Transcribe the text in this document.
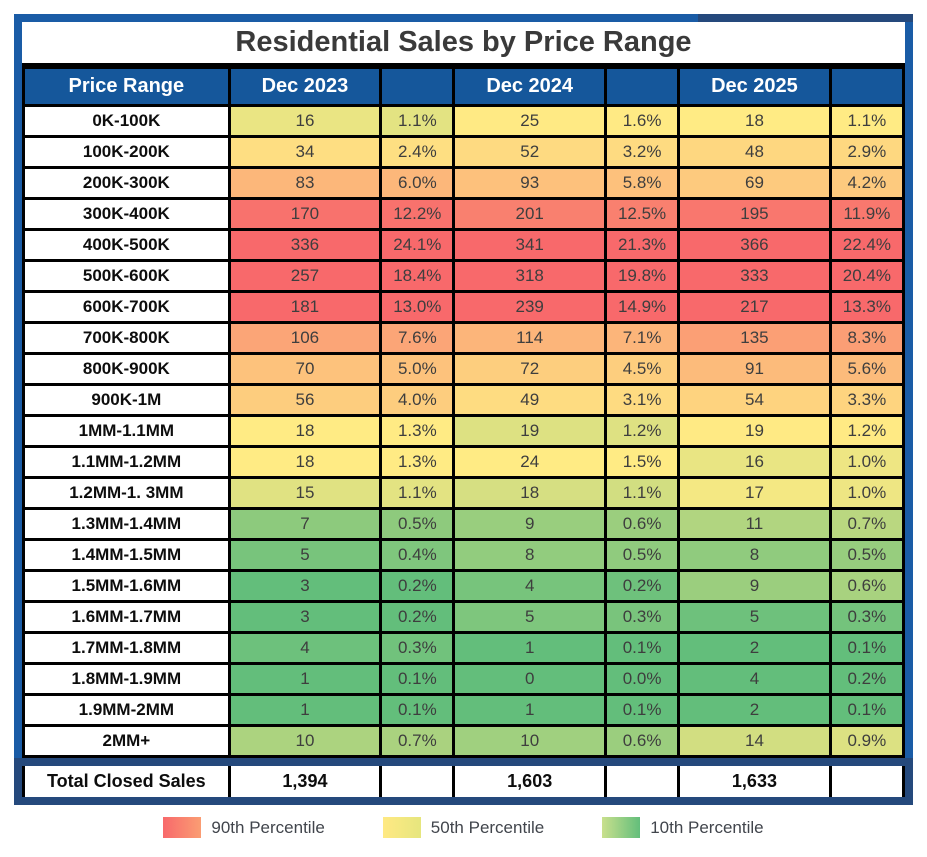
Residential Sales by Price Range
Price Range	Dec 2023		Dec 2024		Dec 2025	
0K-100K	16	1.1%	25	1.6%	18	1.1%
100K-200K	34	2.4%	52	3.2%	48	2.9%
200K-300K	83	6.0%	93	5.8%	69	4.2%
300K-400K	170	12.2%	201	12.5%	195	11.9%
400K-500K	336	24.1%	341	21.3%	366	22.4%
500K-600K	257	18.4%	318	19.8%	333	20.4%
600K-700K	181	13.0%	239	14.9%	217	13.3%
700K-800K	106	7.6%	114	7.1%	135	8.3%
800K-900K	70	5.0%	72	4.5%	91	5.6%
900K-1M	56	4.0%	49	3.1%	54	3.3%
1MM-1.1MM	18	1.3%	19	1.2%	19	1.2%
1.1MM-1.2MM	18	1.3%	24	1.5%	16	1.0%
1.2MM-1. 3MM	15	1.1%	18	1.1%	17	1.0%
1.3MM-1.4MM	7	0.5%	9	0.6%	11	0.7%
1.4MM-1.5MM	5	0.4%	8	0.5%	8	0.5%
1.5MM-1.6MM	3	0.2%	4	0.2%	9	0.6%
1.6MM-1.7MM	3	0.2%	5	0.3%	5	0.3%
1.7MM-1.8MM	4	0.3%	1	0.1%	2	0.1%
1.8MM-1.9MM	1	0.1%	0	0.0%	4	0.2%
1.9MM-2MM	1	0.1%	1	0.1%	2	0.1%
2MM+	10	0.7%	10	0.6%	14	0.9%
Total Closed Sales	1,394		1,603		1,633	
90th Percentile	50th Percentile	10th Percentile
